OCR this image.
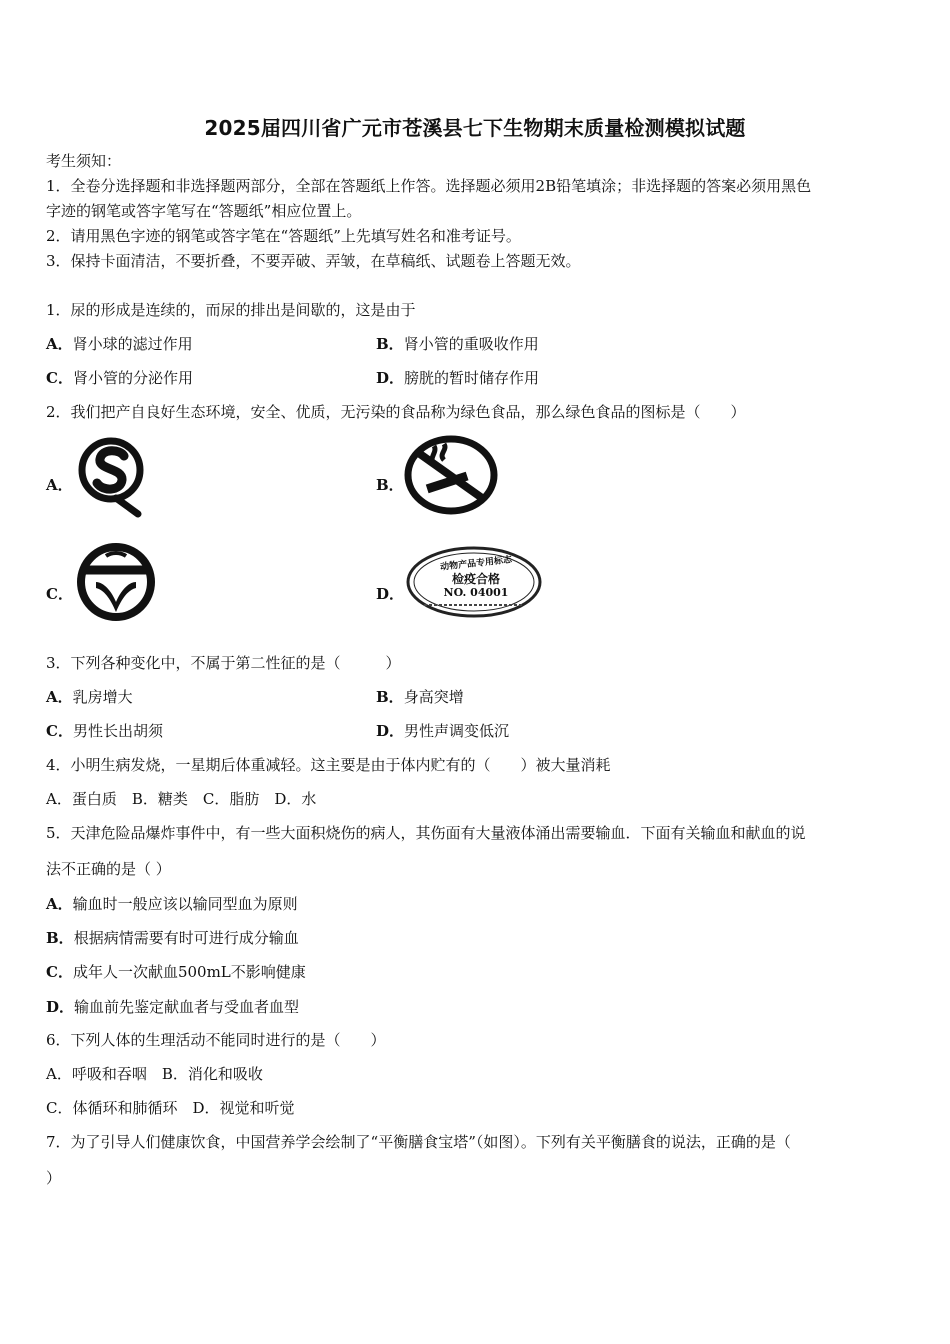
2025届四川省广元市苍溪县七下生物期末质量检测模拟试题
考生须知：
1．全卷分选择题和非选择题两部分，全部在答题纸上作答。选择题必须用2B铅笔填涂；非选择题的答案必须用黑色
字迹的钢笔或答字笔写在“答题纸”相应位置上。
2．请用黑色字迹的钢笔或答字笔在“答题纸”上先填写姓名和准考证号。
3．保持卡面清洁，不要折叠，不要弄破、弄皱，在草稿纸、试题卷上答题无效。
1．尿的形成是连续的，而尿的排出是间歇的，这是由于
A．肾小球的滤过作用	B．肾小管的重吸收作用
C．肾小管的分泌作用	D．膀胱的暂时储存作用
2．我们把产自良好生态环境，安全、优质，无污染的食品称为绿色食品，那么绿色食品的图标是（　　）
A．	B．
C．	D．
动物产品专用标志
检疫合格
NO. 04001
3．下列各种变化中，不属于第二性征的是（　　　）
A．乳房增大	B．身高突增
C．男性长出胡须	D．男性声调变低沉
4．小明生病发烧，一星期后体重减轻。这主要是由于体内贮有的（　　）被大量消耗
A．蛋白质　B．糖类　C．脂肪　D．水
5．天津危险品爆炸事件中，有一些大面积烧伤的病人，其伤面有大量液体涌出需要输血．下面有关输血和献血的说
法不正确的是（ ）
A．输血时一般应该以输同型血为原则
B．根据病情需要有时可进行成分输血
C．成年人一次献血500mL不影响健康
D．输血前先鉴定献血者与受血者血型
6．下列人体的生理活动不能同时进行的是（　　）
A．呼吸和吞咽　B．消化和吸收
C．体循环和肺循环　D．视觉和听觉
7．为了引导人们健康饮食，中国营养学会绘制了“平衡膳食宝塔”（如图）。下列有关平衡膳食的说法，正确的是（
）
